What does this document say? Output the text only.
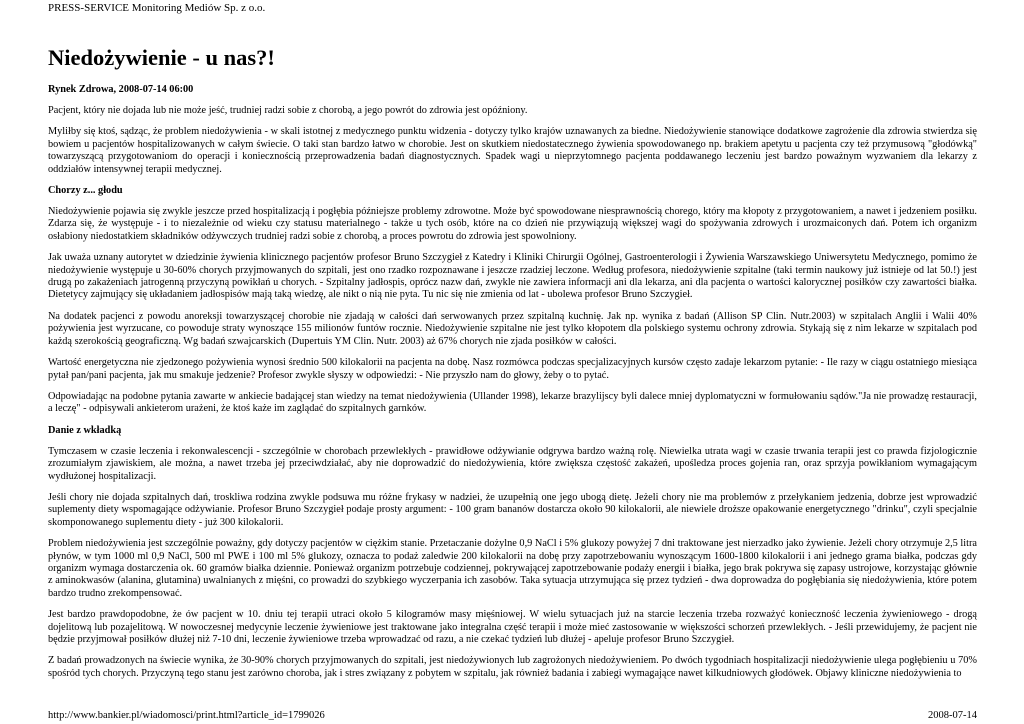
PRESS-SERVICE Monitoring Mediów Sp. z o.o.
Niedożywienie - u nas?!
Rynek Zdrowa, 2008-07-14 06:00

Pacjent, który nie dojada lub nie może jeść, trudniej radzi sobie z chorobą, a jego powrót do zdrowia jest opóźniony.

Myliłby się ktoś, sądząc, że problem niedożywienia - w skali istotnej z medycznego punktu widzenia - dotyczy tylko krajów uznawanych za biedne. Niedożywienie stanowiące dodatkowe zagrożenie dla zdrowia stwierdza się bowiem u pacjentów hospitalizowanych w całym świecie. O taki stan bardzo łatwo w chorobie. Jest on skutkiem niedostatecznego żywienia spowodowanego np. brakiem apetytu u pacjenta czy też przymusową "głodówką" towarzyszącą przygotowaniom do operacji i koniecznością przeprowadzenia badań diagnostycznych. Spadek wagi u nieprzytomnego pacjenta poddawanego leczeniu jest bardzo poważnym wyzwaniem dla lekarzy z oddziałów intensywnej terapii medycznej.

Chorzy z... głodu

Niedożywienie pojawia się zwykle jeszcze przed hospitalizacją i pogłębia późniejsze problemy zdrowotne. Może być spowodowane niesprawnością chorego, który ma kłopoty z przygotowaniem, a nawet i jedzeniem posiłku. Zdarza się, że występuje - i to niezależnie od wieku czy statusu materialnego - także u tych osób, które na co dzień nie przywiązują większej wagi do spożywania zdrowych i urozmaiconych dań. Potem ich organizm osłabiony niedostatkiem składników odżywczych trudniej radzi sobie z chorobą, a proces powrotu do zdrowia jest spowolniony.

Jak uważa uznany autorytet w dziedzinie żywienia klinicznego pacjentów profesor Bruno Szczygieł z Katedry i Kliniki Chirurgii Ogólnej, Gastroenterologii i Żywienia Warszawskiego Uniwersytetu Medycznego, pomimo że niedożywienie występuje u 30-60% chorych przyjmowanych do szpitali, jest ono rzadko rozpoznawane i jeszcze rzadziej leczone. Według profesora, niedożywienie szpitalne (taki termin naukowy już istnieje od lat 50.!) jest drugą po zakażeniach jatrogenną przyczyną powikłań u chorych. - Szpitalny jadłospis, oprócz nazw dań, zwykle nie zawiera informacji ani dla lekarza, ani dla pacjenta o wartości kalorycznej posiłków czy zawartości białka. Dietetycy zajmujący się układaniem jadłospisów mają taką wiedzę, ale nikt o nią nie pyta. Tu nic się nie zmienia od lat - ubolewa profesor Bruno Szczygieł.

Na dodatek pacjenci z powodu anoreksji towarzyszącej chorobie nie zjadają w całości dań serwowanych przez szpitalną kuchnię. Jak np. wynika z badań (Allison SP Clin. Nutr.2003) w szpitalach Anglii i Walii 40% pożywienia jest wyrzucane, co powoduje straty wynoszące 155 milionów funtów rocznie. Niedożywienie szpitalne nie jest tylko kłopotem dla polskiego systemu ochrony zdrowia. Stykają się z nim lekarze w szpitalach pod każdą szerokością geograficzną. Wg badań szwajcarskich (Dupertuis YM Clin. Nutr. 2003) aż 67% chorych nie zjada posiłków w całości.

Wartość energetyczna nie zjedzonego pożywienia wynosi średnio 500 kilokalorii na pacjenta na dobę. Nasz rozmówca podczas specjalizacyjnych kursów często zadaje lekarzom pytanie: - Ile razy w ciągu ostatniego miesiąca pytał pan/pani pacjenta, jak mu smakuje jedzenie? Profesor zwykle słyszy w odpowiedzi: - Nie przyszło nam do głowy, żeby o to pytać.

Odpowiadając na podobne pytania zawarte w ankiecie badającej stan wiedzy na temat niedożywienia (Ullander 1998), lekarze brazylijscy byli dalece mniej dyplomatyczni w formułowaniu sądów."Ja nie prowadzę restauracji, a leczę" - odpisywali ankieterom urażeni, że ktoś każe im zaglądać do szpitalnych garnków.

Danie z wkładką

Tymczasem w czasie leczenia i rekonwalescencji - szczególnie w chorobach przewlekłych - prawidłowe odżywianie odgrywa bardzo ważną rolę. Niewielka utrata wagi w czasie trwania terapii jest co prawda fizjologicznie zrozumiałym zjawiskiem, ale można, a nawet trzeba jej przeciwdziałać, aby nie doprowadzić do niedożywienia, które zwiększa częstość zakażeń, upośledza proces gojenia ran, oraz sprzyja powikłaniom wymagającym wydłużonej hospitalizacji.

Jeśli chory nie dojada szpitalnych dań, troskliwa rodzina zwykle podsuwa mu różne frykasy w nadziei, że uzupełnią one jego ubogą dietę. Jeżeli chory nie ma problemów z przełykaniem jedzenia, dobrze jest wprowadzić suplementy diety wspomagające odżywianie. Profesor Bruno Szczygieł podaje prosty argument: - 100 gram bananów dostarcza około 90 kilokalorii, ale niewiele droższe opakowanie energetycznego "drinku", czyli specjalnie skomponowanego suplementu diety - już 300 kilokalorii.

Problem niedożywienia jest szczególnie poważny, gdy dotyczy pacjentów w ciężkim stanie. Przetaczanie dożylne 0,9 NaCl i 5% glukozy powyżej 7 dni traktowane jest nierzadko jako żywienie. Jeżeli chory otrzymuje 2,5 litra płynów, w tym 1000 ml 0,9 NaCl, 500 ml PWE i 100 ml 5% glukozy, oznacza to podaż zaledwie 200 kilokalorii na dobę przy zapotrzebowaniu wynoszącym 1600-1800 kilokalorii i ani jednego grama białka, podczas gdy organizm wymaga dostarczenia ok. 60 gramów białka dziennie. Ponieważ organizm potrzebuje codziennej, pokrywającej zapotrzebowanie podaży energii i białka, jego brak pokrywa się zapasy ustrojowe, korzystając głównie z aminokwasów (alanina, glutamina) uwalnianych z mięśni, co prowadzi do szybkiego wyczerpania ich zasobów. Taka sytuacja utrzymująca się przez tydzień - dwa doprowadza do pogłębiania się niedożywienia, które potem bardzo trudno zrekompensować.

Jest bardzo prawdopodobne, że ów pacjent w 10. dniu tej terapii utraci około 5 kilogramów masy mięśniowej. W wielu sytuacjach już na starcie leczenia trzeba rozważyć konieczność leczenia żywieniowego - drogą dojelitową lub pozajelitową. W nowoczesnej medycynie leczenie żywieniowe jest traktowane jako integralna część terapii i może mieć zastosowanie w większości schorzeń przewlekłych. - Jeśli przewidujemy, że pacjent nie będzie przyjmował posiłków dłużej niż 7-10 dni, leczenie żywieniowe trzeba wprowadzać od razu, a nie czekać tydzień lub dłużej - apeluje profesor Bruno Szczygieł.

Z badań prowadzonych na świecie wynika, że 30-90% chorych przyjmowanych do szpitali, jest niedożywionych lub zagrożonych niedożywieniem. Po dwóch tygodniach hospitalizacji niedożywienie ulega pogłębieniu u 70% spośród tych chorych. Przyczyną tego stanu jest zarówno choroba, jak i stres związany z pobytem w szpitalu, jak również badania i zabiegi wymagające nawet kilkudniowych głodówek. Objawy kliniczne niedożywienia to

http://www.bankier.pl/wiadomosci/print.html?article_id=1799026	2008-07-14
